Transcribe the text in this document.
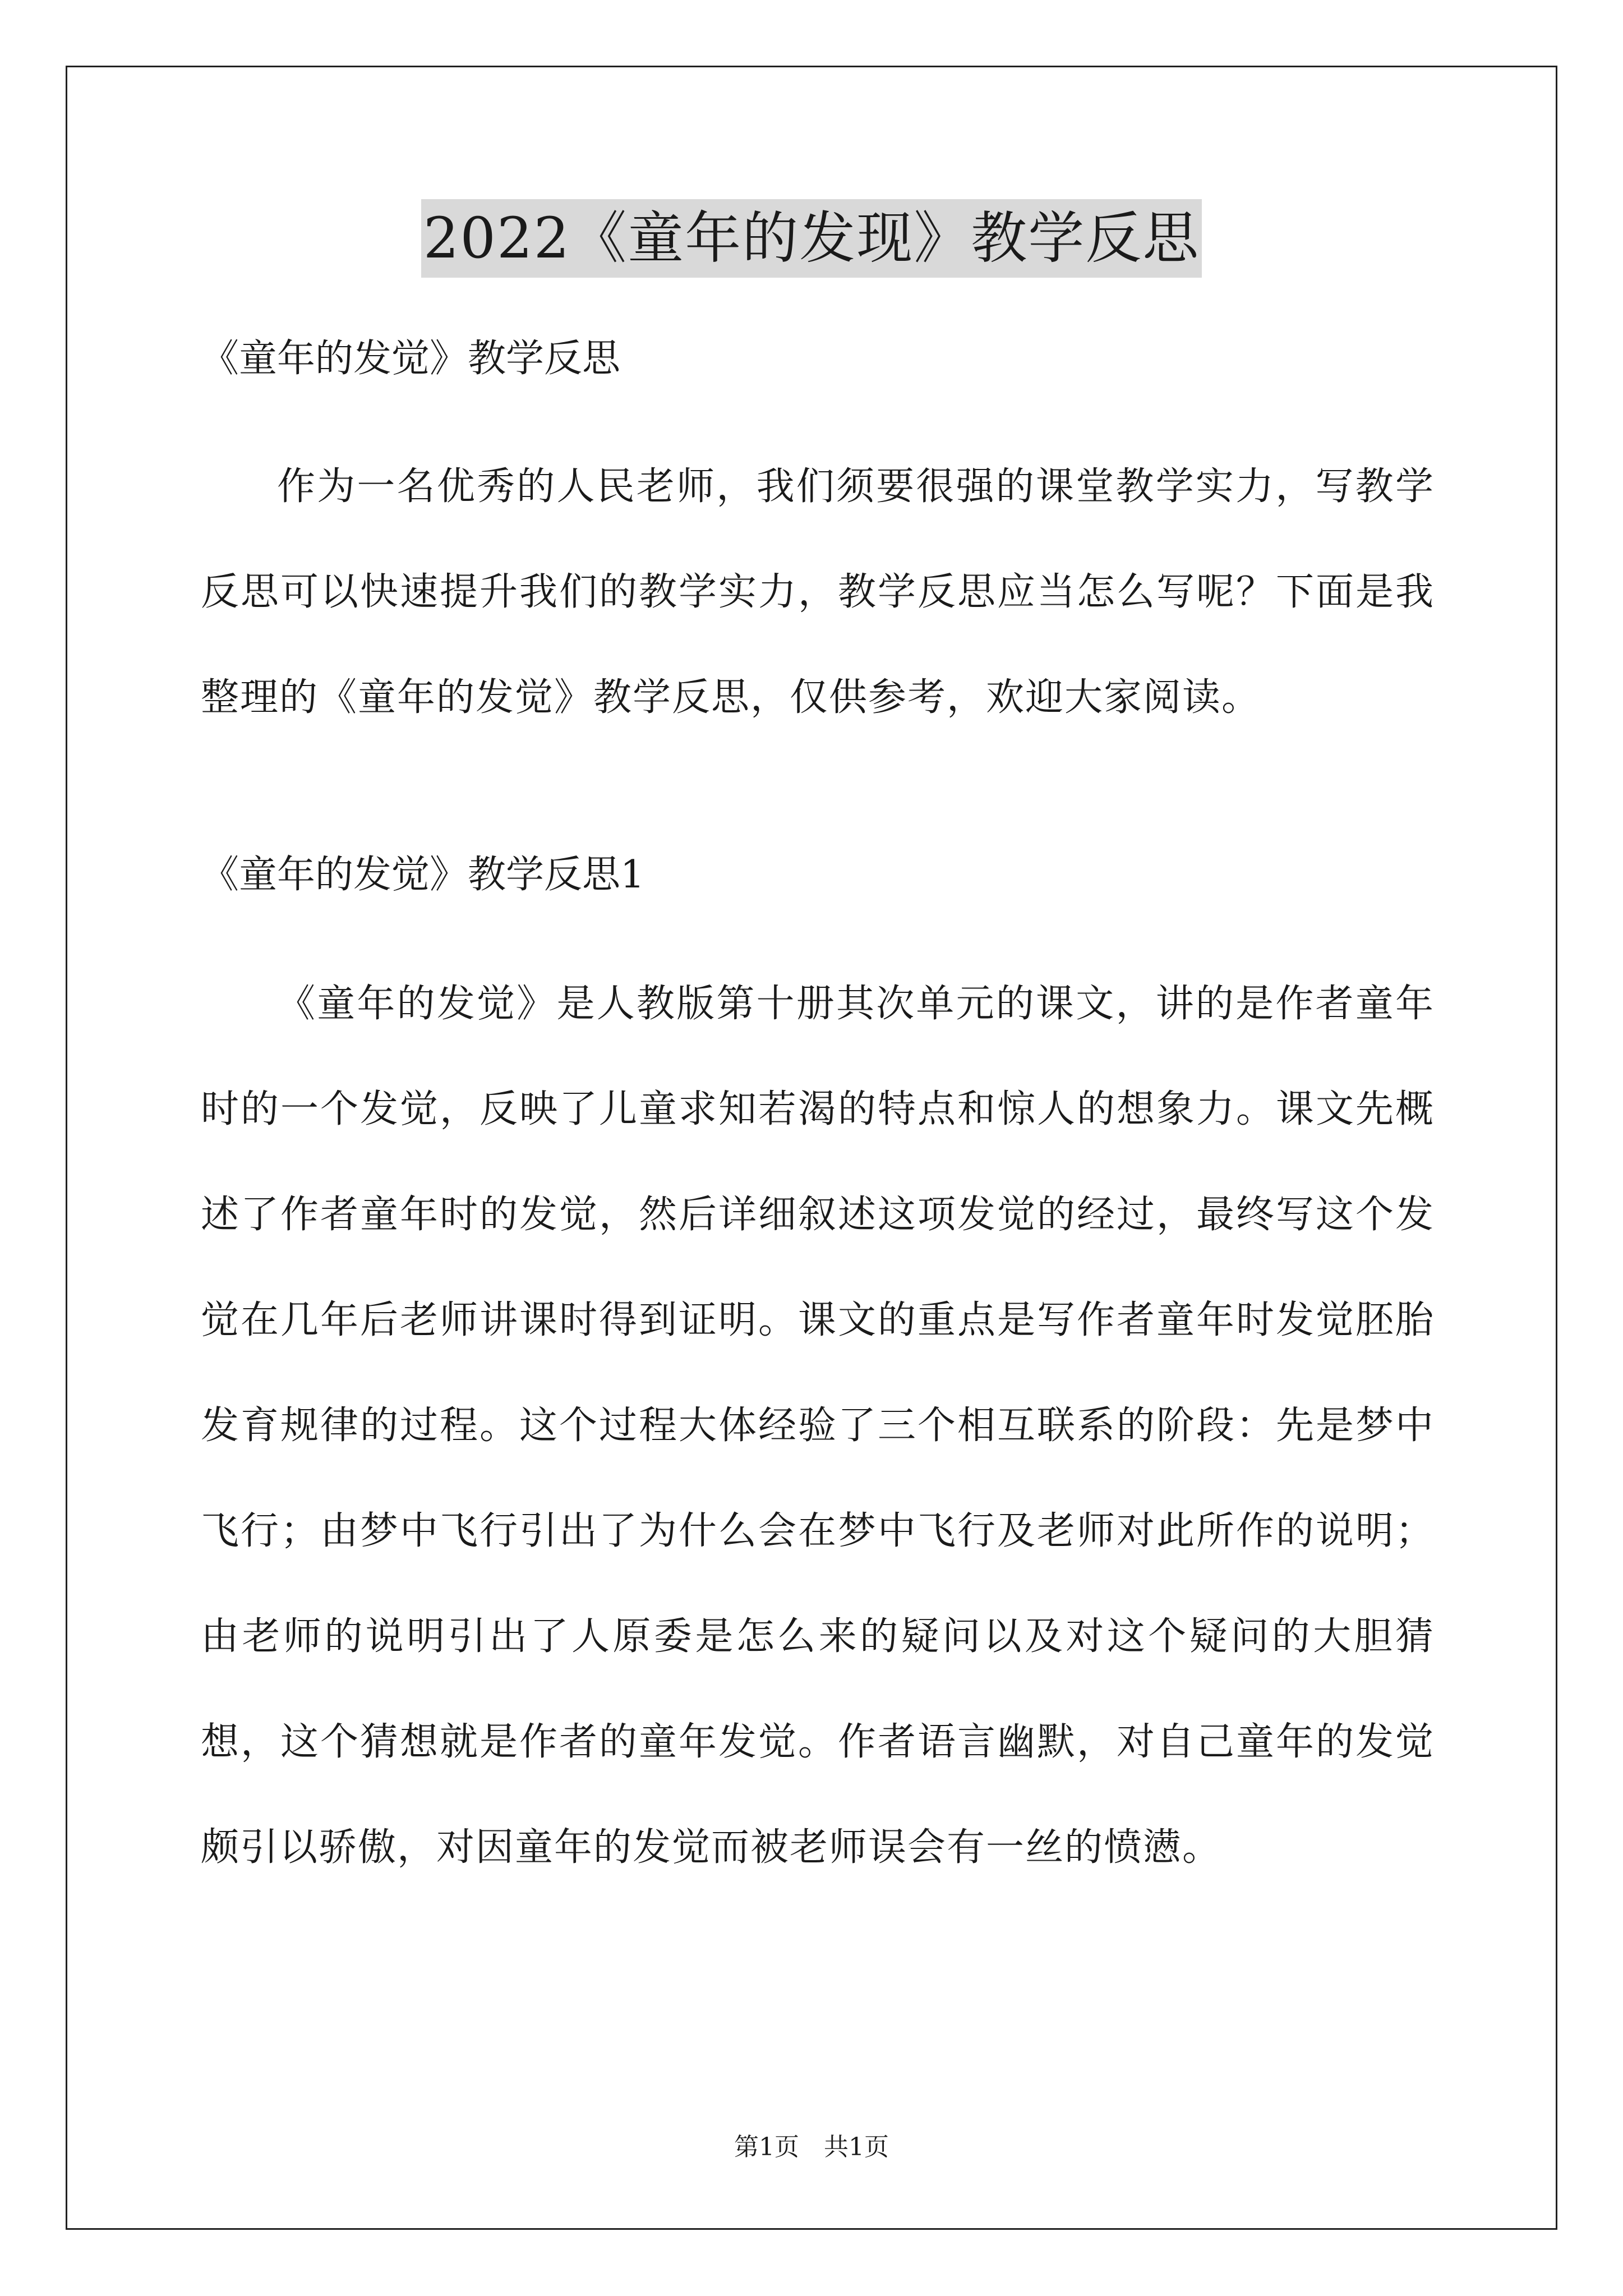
2022《童年的发现》教学反思
《童年的发觉》教学反思

作为一名优秀的人民老师，我们须要很强的课堂教学实力，写教学反思可以快速提升我们的教学实力，教学反思应当怎么写呢？下面是我整理的《童年的发觉》教学反思，仅供参考，欢迎大家阅读。

《童年的发觉》教学反思1

《童年的发觉》是人教版第十册其次单元的课文，讲的是作者童年时的一个发觉，反映了儿童求知若渴的特点和惊人的想象力。课文先概述了作者童年时的发觉，然后详细叙述这项发觉的经过，最终写这个发觉在几年后老师讲课时得到证明。课文的重点是写作者童年时发觉胚胎发育规律的过程。这个过程大体经验了三个相互联系的阶段：先是梦中飞行；由梦中飞行引出了为什么会在梦中飞行及老师对此所作的说明；由老师的说明引出了人原委是怎么来的疑问以及对这个疑问的大胆猜想，这个猜想就是作者的童年发觉。作者语言幽默，对自己童年的发觉颇引以骄傲，对因童年的发觉而被老师误会有一丝的愤懑。

第1页　共1页
